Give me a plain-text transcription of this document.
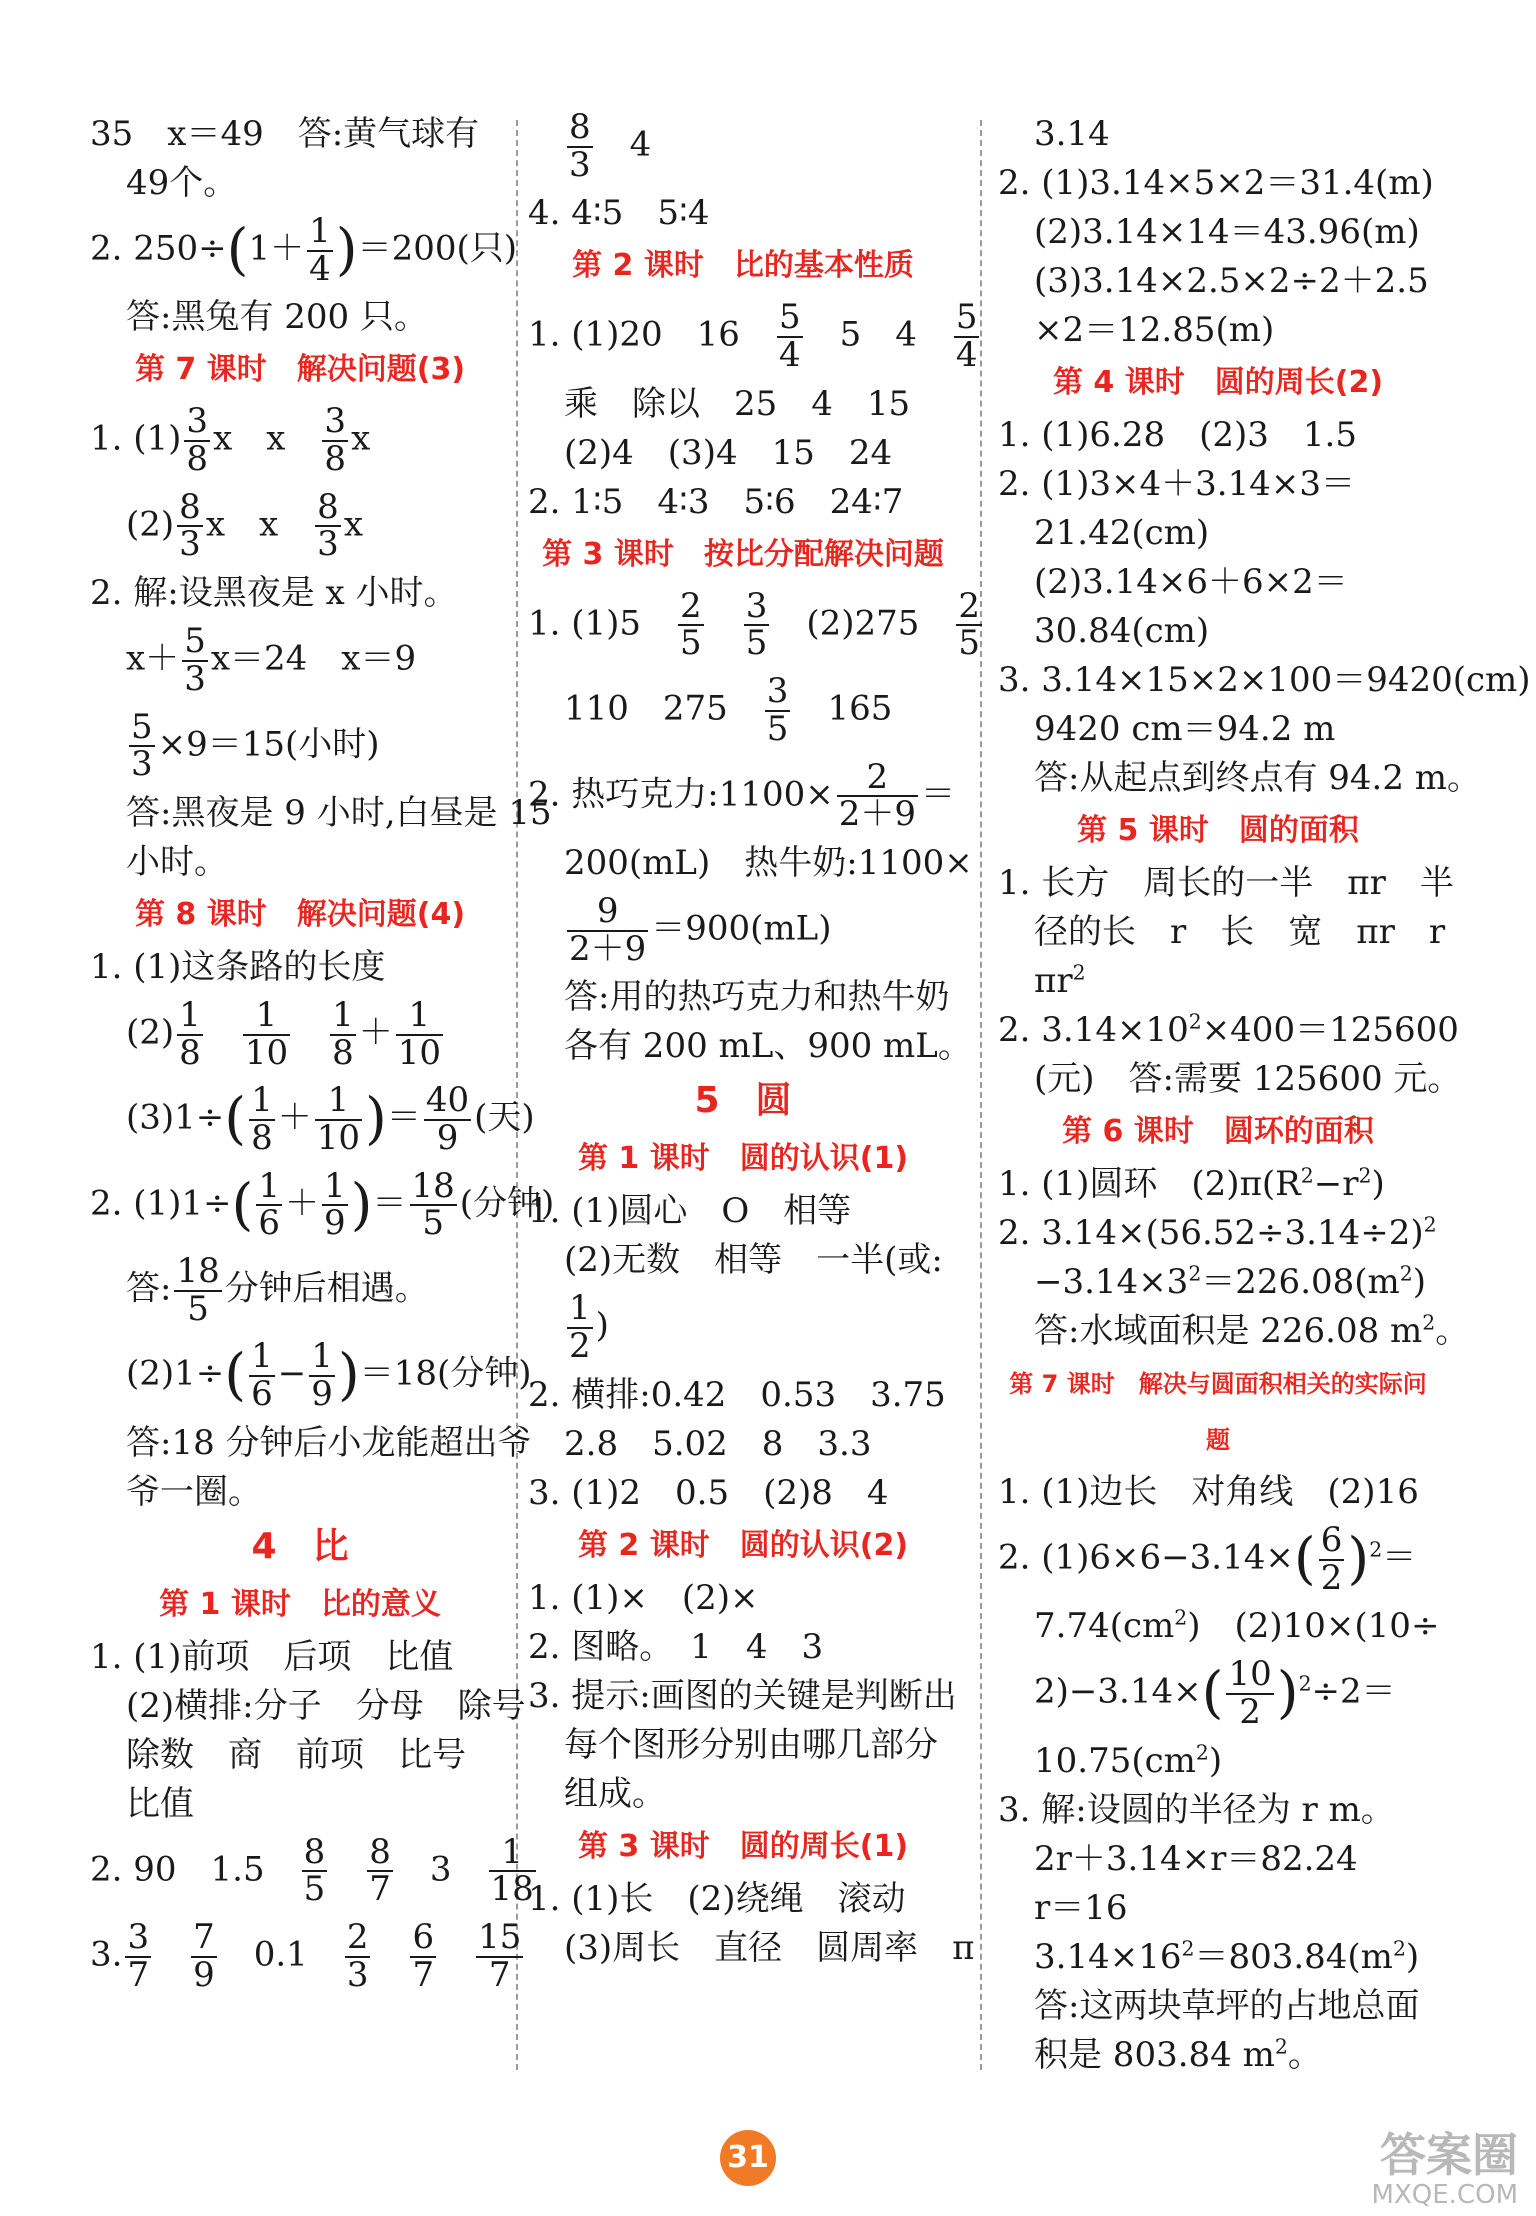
35　x＝49　答:黄气球有
49个。
2. $250\div(1+ \frac{1}{4} )=200$(只)
答:黑兔有 200 只。
第 7 课时　解决问题(3)
1. $(1) \frac{3}{8}$ x　x　 $\frac{3}{8}$ x
$(2) \frac{8}{3}$ x　x　 $\frac{8}{3}$ x
2. 解:设黑夜是 x 小时。
$x+ \frac{5}{3} x=24$　x＝9
$\frac{5}{3} \times 9=15$(小时)
答:黑夜是 9 小时,白昼是 15
小时。
第 8 课时　解决问题(4)
1. (1)这条路的长度
$(2) \frac{1}{8}$
　 $\frac{1}{10}$
　 $\frac{1}{8} + \frac{1}{10}$
$(3)1\div( \frac{1}{8} + \frac{1}{10}$ )＝ $\frac{40}{9}$ (天)
2. $(1)1\div( \frac{1}{6} + \frac{1}{9}$ )＝ $\frac{18}{5}$ (分钟)
答: $\frac{18}{5}$ 分钟后相遇。
$(2)1\div( \frac{1}{6} - \frac{1}{9} )=18$(分钟)
答:18 分钟后小龙能超出爷
爷一圈。
4　比
第 1 课时　比的意义
1. (1)前项　后项　比值
(2)横排:分子　分母　除号
除数　商　前项　比号
比值
2. 90　1.5　 $\frac{8}{5}$
　 $\frac{8}{7}$
　 3　 $\frac{1}{18}$
3. $\frac{3}{7}$
　 $\frac{7}{9}$
　 0.1　 $\frac{2}{3}$
　 $\frac{6}{7}$
　 $\frac{15}{7}$
$\frac{8}{3}$
　 4
4. 4∶5　5∶4
第 2 课时　比的基本性质
1. (1)20　16　 $\frac{5}{4}$
　 5　4　 $\frac{5}{4}$
乘　除以　25　4　15
(2)4　(3)4　15　24
2. 1∶5　4∶3　5∶6　24∶7
第 3 课时　按比分配解决问题
1. (1)5　 $\frac{2}{5}$
　 $\frac{3}{5}$
　 (2)275　 $\frac{2}{5}$
110　275　 $\frac{3}{5}$
　 165
2. 热巧克力:1100× $\frac{2}{2+9}$ ＝
200(mL)　热牛奶:1100×
$\frac{9}{2+9} =900(mL)$
答:用的热巧克力和热牛奶
各有 200 mL、900 mL。
5　圆
第 1 课时　圆的认识(1)
1. (1)圆心　O　相等
(2)无数　相等　一半(或:
$\frac{1}{2}$ )
2. 横排:0.42　0.53　3.75
2.8　5.02　8　3.3
3. (1)2　0.5　(2)8　4
第 2 课时　圆的认识(2)
1. (1)×　(2)×
2. 图略。　1　4　3
3. 提示:画图的关键是判断出
每个图形分别由哪几部分
组成。
第 3 课时　圆的周长(1)
1. (1)长　(2)绕绳　滚动
(3)周长　直径　圆周率　π
3.14
2. (1)3.14×5×2＝31.4(m)
(2)3.14×14＝43.96(m)
(3)3.14×2.5×2÷2＋2.5
×2＝12.85(m)
第 4 课时　圆的周长(2)
1. (1)6.28　(2)3　1.5
2. (1)3×4＋3.14×3＝
21.42(cm)
(2)3.14×6＋6×2＝
30.84(cm)
3. 3.14×15×2×100＝9420(cm)
9420 cm＝94.2 m
答:从起点到终点有 94.2 m。
第 5 课时　圆的面积
1. 长方　周长的一半　πr　半
径的长　r　长　宽　πr　r
$\pi r^2$
2. $3.14\times 10^2\times 400=125600$
(元)　答:需要 125600 元。
第 6 课时　圆环的面积
1. (1)圆环　$(2)\pi(R^2-r^2)$
2. $3.14\times(56.52\div 3.14\div 2)^2$
$-3.14\times 3^2=226.08(m^2)$
答:水域面积是 226.08 $m^2$。
第 7 课时　解决与圆面积相关的实际问题
1. (1)边长　对角线　(2)16
2. $(1)6\times 6-3.14\times( \frac{6}{2} )^2=$
$7.74(cm^2)$　(2)10×(10÷
$2)-3.14\times( \frac{10}{2} )^2\div 2=$
$10.75(cm^2)$
3. 解:设圆的半径为 r m。
2r＋3.14×r＝82.24
r＝16
$3.14\times 16^2=803.84(m^2)$
答:这两块草坪的占地总面
积是 803.84 $m^2$。
31	答案圈
MXQE.COM
